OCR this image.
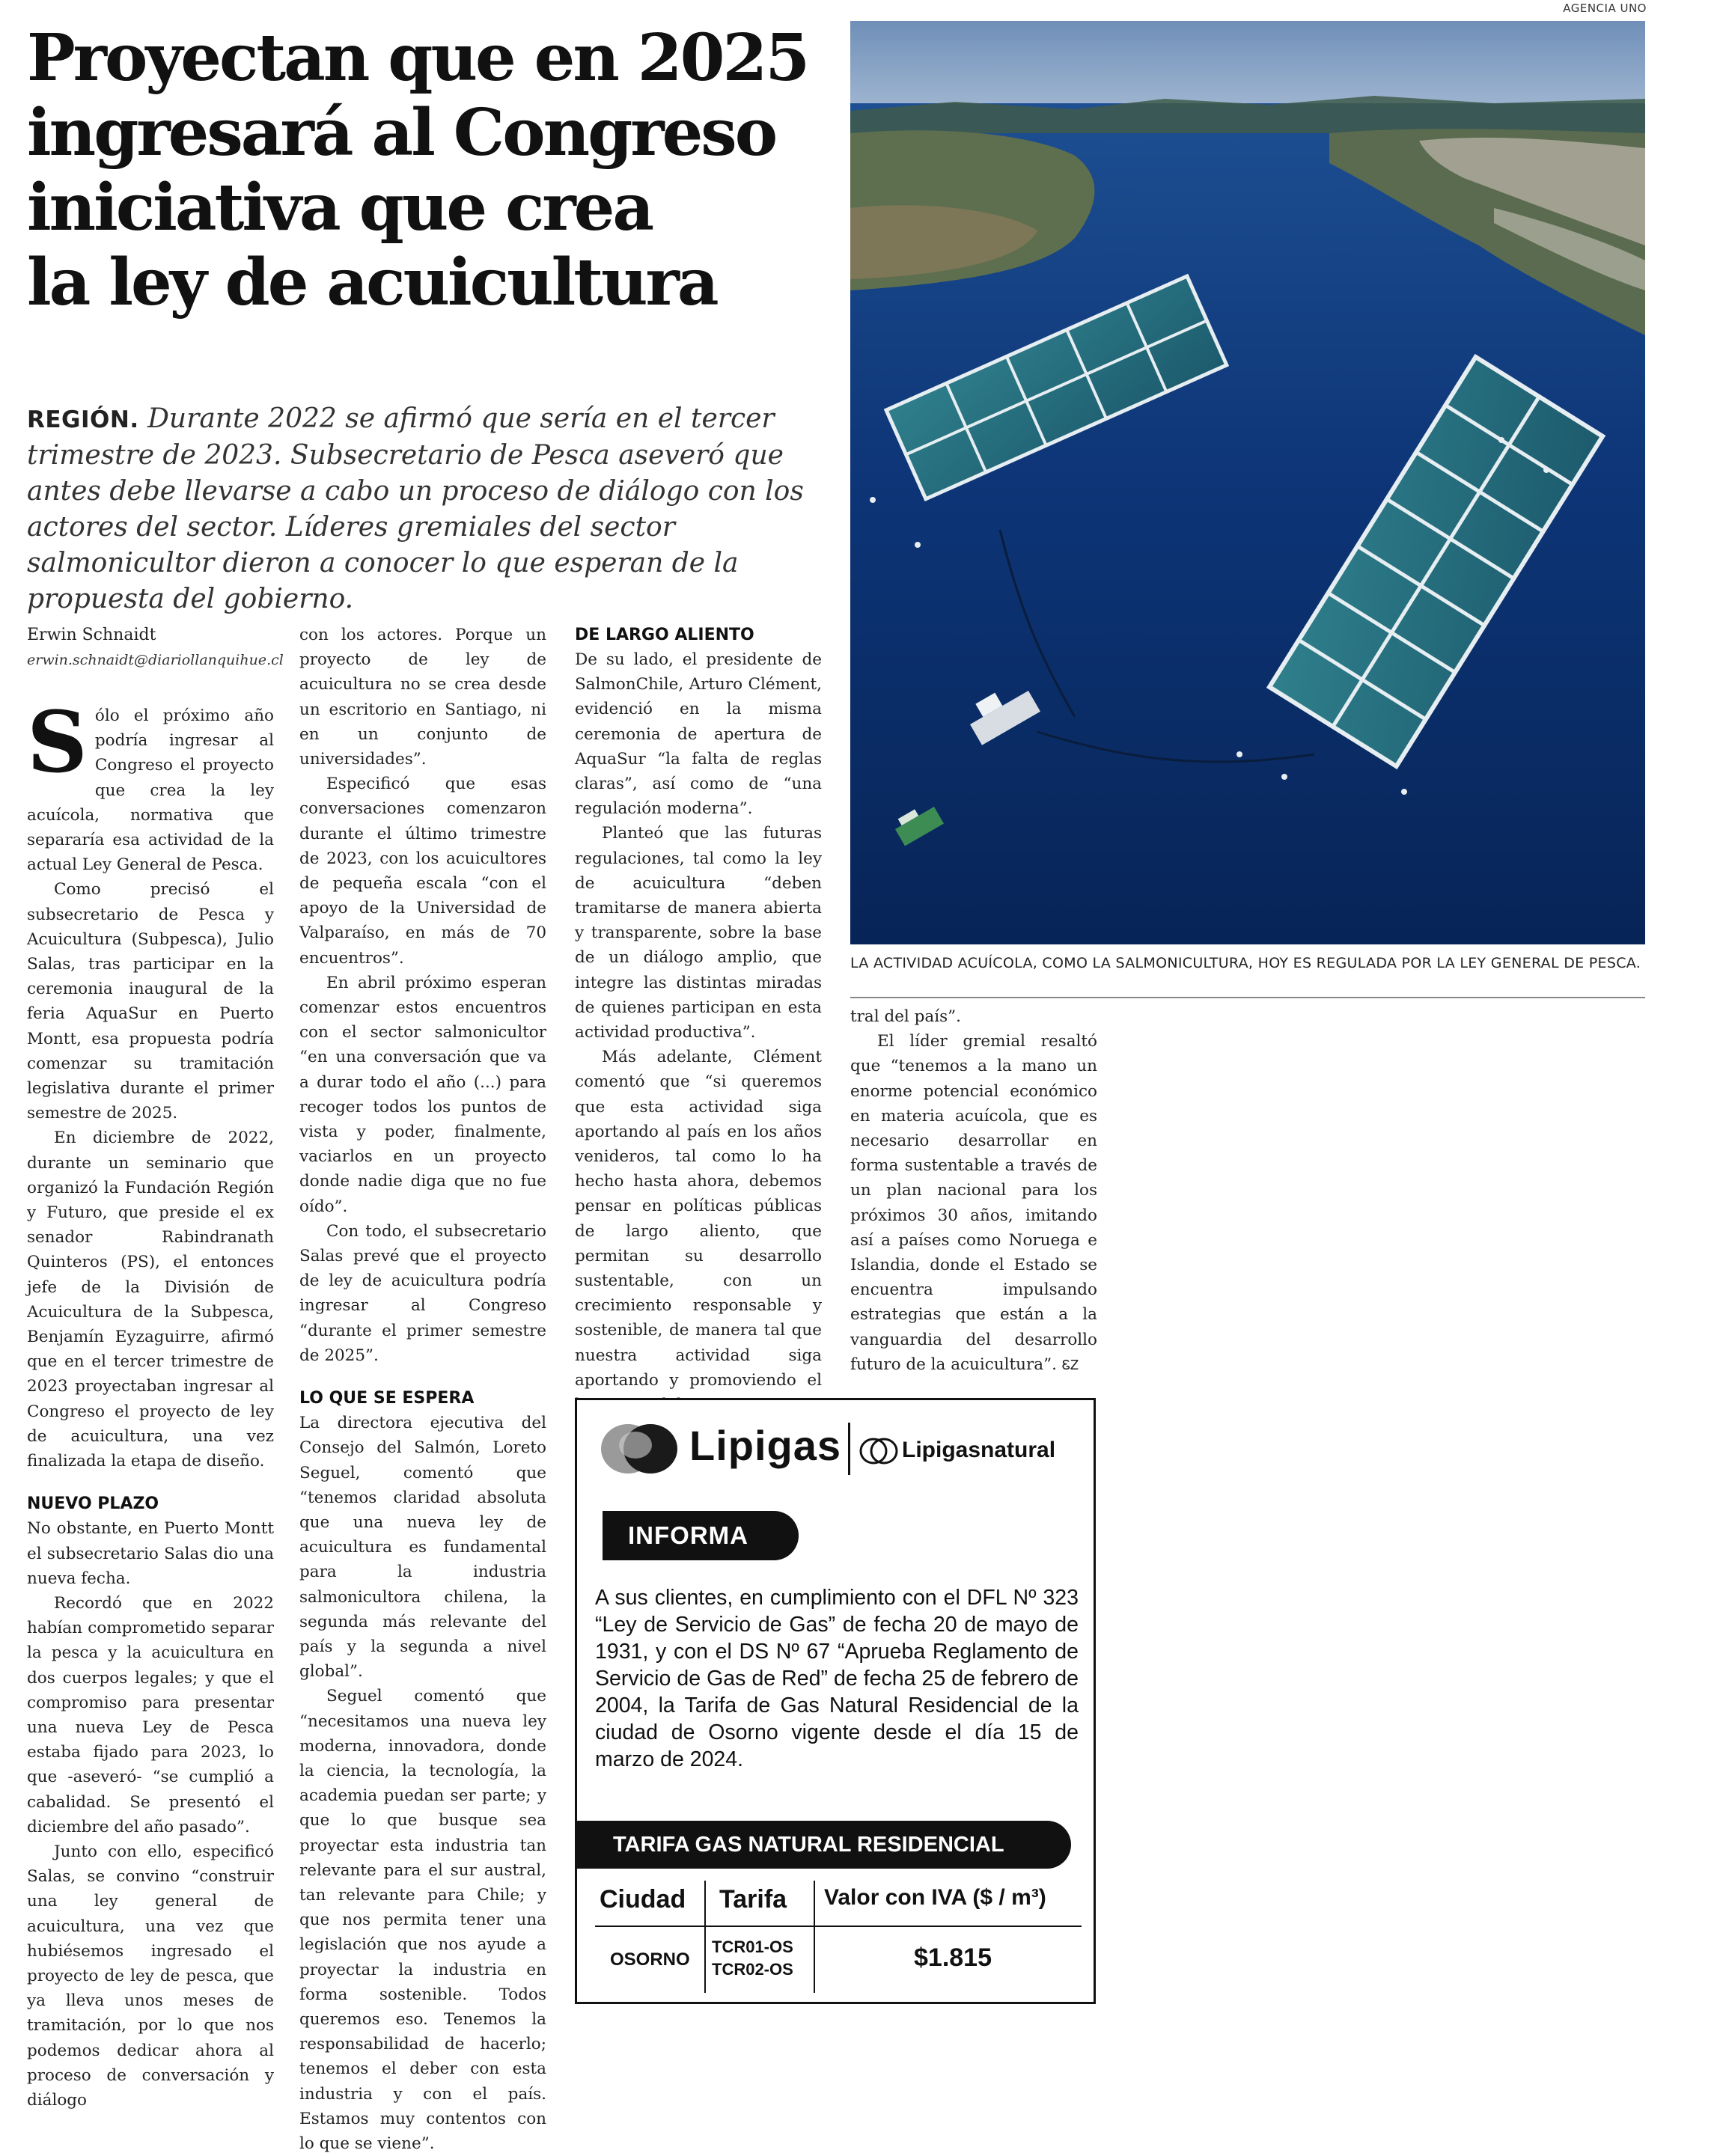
Proyectan que en 2025
ingresará al Congreso
iniciativa que crea
la ley de acuicultura
REGIÓN. Durante 2022 se afirmó que sería en el tercer trimestre de 2023. Subsecretario de Pesca aseveró que antes debe llevarse a cabo un proceso de diálogo con los actores del sector. Líderes gremiales del sector salmonicultor dieron a conocer lo que esperan de la propuesta del gobierno.
AGENCIA UNO
LA ACTIVIDAD ACUÍCOLA, COMO LA SALMONICULTURA, HOY ES REGULADA POR LA LEY GENERAL DE PESCA.
Erwin Schnaidt
erwin.schnaidt@diariollanquihue.cl

Sólo el próximo año podría ingresar al Congreso el proyecto que crea la ley acuícola, normativa que separaría esa actividad de la actual Ley General de Pesca.

Como precisó el subsecretario de Pesca y Acuicultura (Subpesca), Julio Salas, tras participar en la ceremonia inaugural de la feria AquaSur en Puerto Montt, esa propuesta podría comenzar su tramitación legislativa durante el primer semestre de 2025.

En diciembre de 2022, durante un seminario que organizó la Fundación Región y Futuro, que preside el ex senador Rabindranath Quinteros (PS), el entonces jefe de la División de Acuicultura de la Subpesca, Benjamín Eyzaguirre, afirmó que en el tercer trimestre de 2023 proyectaban ingresar al Congreso el proyecto de ley de acuicultura, una vez finalizada la etapa de diseño.

NUEVO PLAZO

No obstante, en Puerto Montt el subsecretario Salas dio una nueva fecha.

Recordó que en 2022 habían comprometido separar la pesca y la acuicultura en dos cuerpos legales; y que el compromiso para presentar una nueva Ley de Pesca estaba fijado para 2023, lo que -aseveró- “se cumplió a cabalidad. Se presentó el diciembre del año pasado”.

Junto con ello, especificó Salas, se convino “construir una ley general de acuicultura, una vez que hubiésemos ingresado el proyecto de ley de pesca, que ya lleva unos meses de tramitación, por lo que nos podemos dedicar ahora al proceso de conversación y diálogo

con los actores. Porque un proyecto de ley de acuicultura no se crea desde un escritorio en Santiago, ni en un conjunto de universidades”.

Especificó que esas conversaciones comenzaron durante el último trimestre de 2023, con los acuicultores de pequeña escala “con el apoyo de la Universidad de Valparaíso, en más de 70 encuentros”.

En abril próximo esperan comenzar estos encuentros con el sector salmonicultor “en una conversación que va a durar todo el año (...) para recoger todos los puntos de vista y poder, finalmente, vaciarlos en un proyecto donde nadie diga que no fue oído”.

Con todo, el subsecretario Salas prevé que el proyecto de ley de acuicultura podría ingresar al Congreso “durante el primer semestre de 2025”.

LO QUE SE ESPERA

La directora ejecutiva del Consejo del Salmón, Loreto Seguel, comentó que “tenemos claridad absoluta que una nueva ley de acuicultura es fundamental para la industria salmonicultora chilena, la segunda más relevante del país y la segunda a nivel global”.

Seguel comentó que “necesitamos una nueva ley moderna, innovadora, donde la ciencia, la tecnología, la academia puedan ser parte; y que lo que busque sea proyectar esta industria tan relevante para el sur austral, tan relevante para Chile; y que nos permita tener una legislación que nos ayude a proyectar la industria en forma sostenible. Todos queremos eso. Tenemos la responsabilidad de hacerlo; tenemos el deber con esta industria y con el país. Estamos muy contentos con lo que se viene”.

DE LARGO ALIENTO

De su lado, el presidente de SalmonChile, Arturo Clément, evidenció en la misma ceremonia de apertura de AquaSur “la falta de reglas claras”, así como de “una regulación moderna”.

Planteó que las futuras regulaciones, tal como la ley de acuicultura “deben tramitarse de manera abierta y transparente, sobre la base de un diálogo amplio, que integre las distintas miradas de quienes participan en esta actividad productiva”.

Más adelante, Clément comentó que “si queremos que esta actividad siga aportando al país en los años venideros, tal como lo ha hecho hasta ahora, debemos pensar en políticas públicas de largo aliento, que permitan su desarrollo sustentable, con un crecimiento responsable y sostenible, de manera tal que nuestra actividad siga aportando y promoviendo el

tral del país”.

El líder gremial resaltó que “tenemos a la mano un enorme potencial económico en materia acuícola, que es necesario desarrollar en forma sustentable a través de un plan nacional para los próximos 30 años, imitando así a países como Noruega e Islandia, donde el Estado se encuentra impulsando estrategias que están a la vanguardia del desarrollo futuro de la acuicultura”. ᏋᏃ

Lipigas	Lipigasnatural
INFORMA
A sus clientes, en cumplimiento con el DFL Nº 323 “Ley de Servicio de Gas” de fecha 20 de mayo de 1931, y con el DS Nº 67 “Aprueba Reglamento de Servicio de Gas de Red” de fecha 25 de febrero de 2004, la Tarifa de Gas Natural Residencial de la ciudad de Osorno vigente desde el día 15 de marzo de 2024.
TARIFA GAS NATURAL RESIDENCIAL
Ciudad Tarifa Valor con IVA ($ / m³)
OSORNO
TCR01-OS
TCR02-OS	$1.815
